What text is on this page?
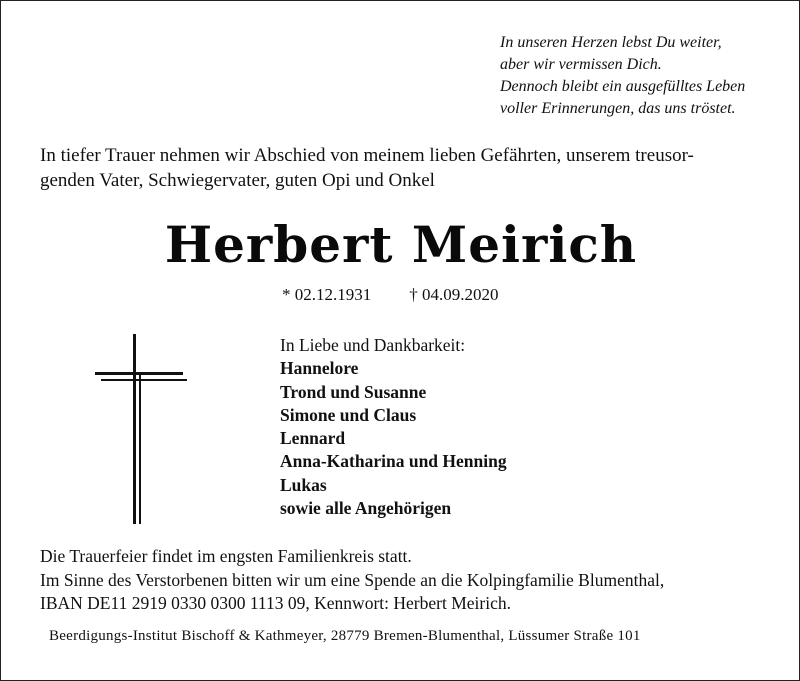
In unseren Herzen lebst Du weiter,
aber wir vermissen Dich.
Dennoch bleibt ein ausgefülltes Leben
voller Erinnerungen, das uns tröstet.
In tiefer Trauer nehmen wir Abschied von meinem lieben Gefährten, unserem treusor-
genden Vater, Schwiegervater, guten Opi und Onkel
Herbert Meirich
* 02.12.1931 † 04.09.2020
In Liebe und Dankbarkeit:
Hannelore
Trond und Susanne
Simone und Claus
Lennard
Anna-Katharina und Henning
Lukas
sowie alle Angehörigen
Die Trauerfeier findet im engsten Familienkreis statt.
Im Sinne des Verstorbenen bitten wir um eine Spende an die Kolpingfamilie Blumenthal,
IBAN DE11 2919 0330 0300 1113 09, Kennwort: Herbert Meirich.
Beerdigungs-Institut Bischoff & Kathmeyer, 28779 Bremen-Blumenthal, Lüssumer Straße 101
